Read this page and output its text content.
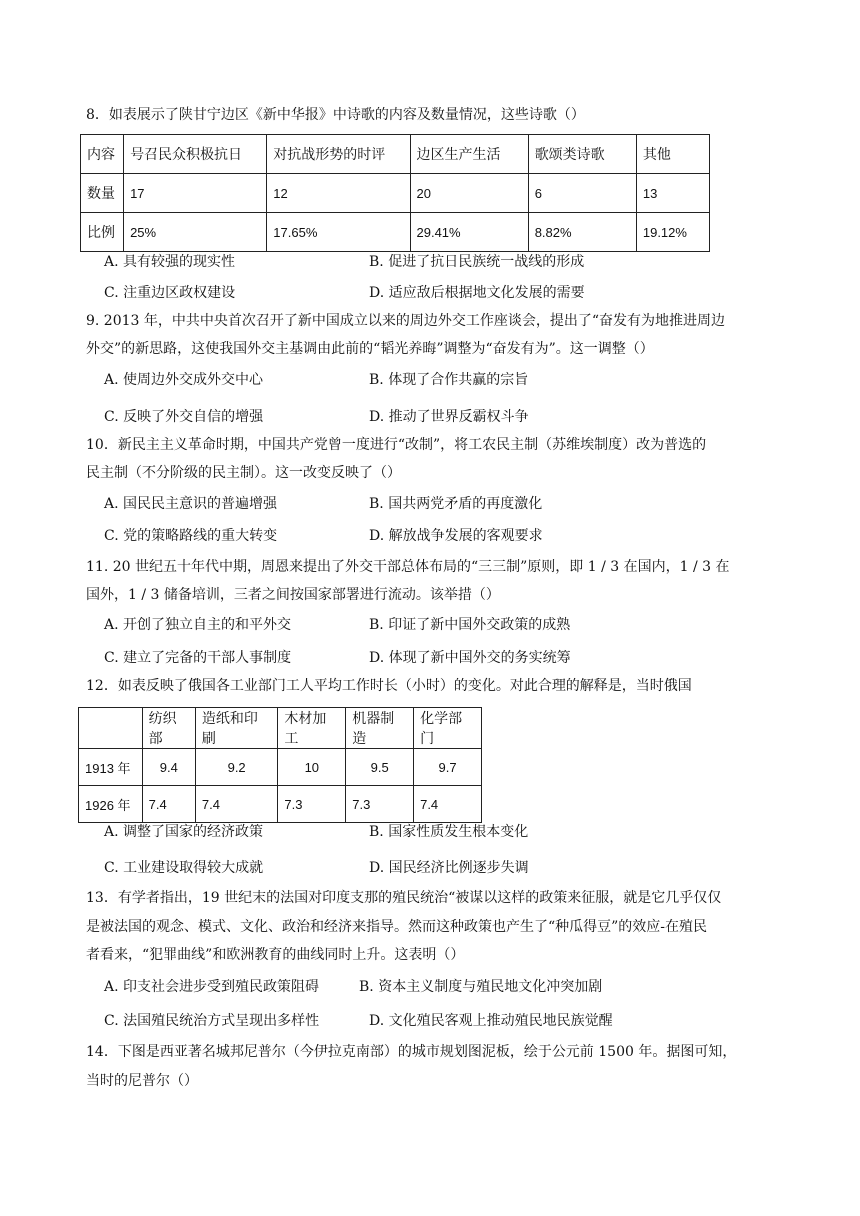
8．如表展示了陕甘宁边区《新中华报》中诗歌的内容及数量情况，这些诗歌（）
内容	号召民众积极抗日	对抗战形势的时评	边区生产生活	歌颂类诗歌	其他
数量	17	12	20	6	13
比例	25%	17.65%	29.41%	8.82%	19.12%
A. 具有较强的现实性	B. 促进了抗日民族统一战线的形成
C. 注重边区政权建设	D. 适应敌后根据地文化发展的需要
9. 2013 年，中共中央首次召开了新中国成立以来的周边外交工作座谈会，提出了“奋发有为地推进周边
外交”的新思路，这使我国外交主基调由此前的“韬光养晦”调整为“奋发有为”。这一调整（）
A. 使周边外交成外交中心	B. 体现了合作共赢的宗旨
C. 反映了外交自信的增强	D. 推动了世界反霸权斗争
10．新民主主义革命时期，中国共产党曾一度进行“改制”，将工农民主制（苏维埃制度）改为普选的
民主制（不分阶级的民主制）。这一改变反映了（）
A. 国民民主意识的普遍增强	B. 国共两党矛盾的再度激化
C. 党的策略路线的重大转变	D. 解放战争发展的客观要求
11. 20 世纪五十年代中期，周恩来提出了外交干部总体布局的“三三制”原则，即 1 / 3 在国内，1 / 3 在
国外，1 / 3 储备培训，三者之间按国家部署进行流动。该举措（）
A. 开创了独立自主的和平外交	B. 印证了新中国外交政策的成熟
C. 建立了完备的干部人事制度	D. 体现了新中国外交的务实统筹
12．如表反映了俄国各工业部门工人平均工作时长（小时）的变化。对此合理的解释是，当时俄国
	纺织部	造纸和印刷	木材加工	机器制造	化学部门
1913 年	9.4	9.2	10	9.5	9.7
1926 年	7.4	7.4	7.3	7.3	7.4
A. 调整了国家的经济政策	B. 国家性质发生根本变化
C. 工业建设取得较大成就	D. 国民经济比例逐步失调
13．有学者指出，19 世纪末的法国对印度支那的殖民统治“被谋以这样的政策来征服，就是它几乎仅仅
是被法国的观念、模式、文化、政治和经济来指导。然而这种政策也产生了“种瓜得豆”的效应-在殖民
者看来，“犯罪曲线”和欧洲教育的曲线同时上升。这表明（）
A. 印支社会进步受到殖民政策阻碍	B. 资本主义制度与殖民地文化冲突加剧
C. 法国殖民统治方式呈现出多样性	D. 文化殖民客观上推动殖民地民族觉醒
14．下图是西亚著名城邦尼普尔（今伊拉克南部）的城市规划图泥板，绘于公元前 1500 年。据图可知，
当时的尼普尔（）
